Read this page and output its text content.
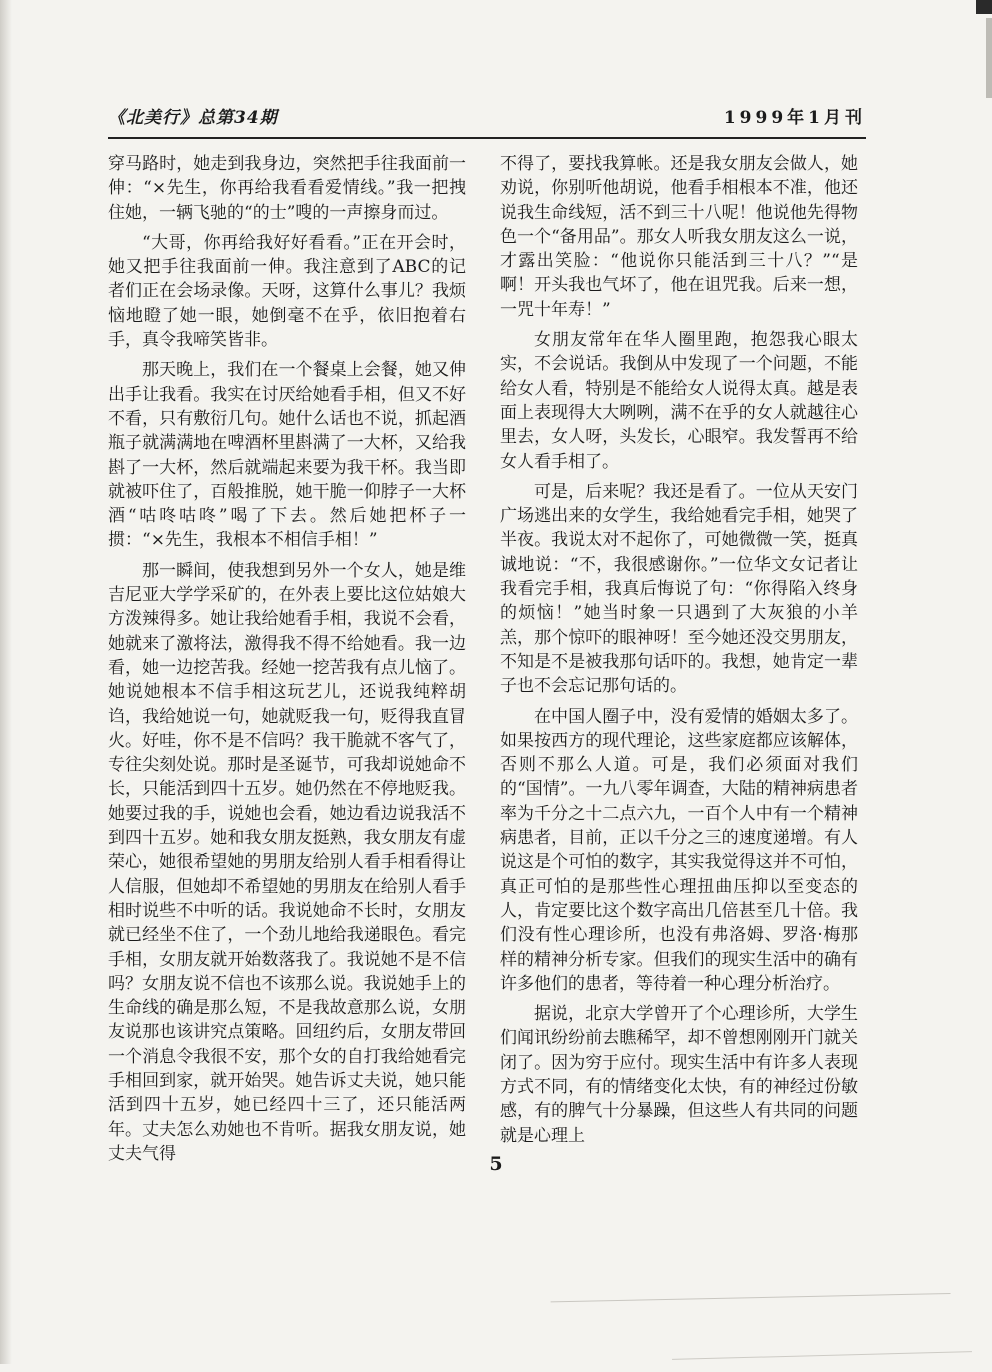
《北美行》总第34期	1999年1月刊

穿马路时，她走到我身边，突然把手往我面前一伸：“×先生，你再给我看看爱情线。”我一把拽住她，一辆飞驰的“的士”嗖的一声擦身而过。

“大哥，你再给我好好看看。”正在开会时，她又把手往我面前一伸。我注意到了ABC的记者们正在会场录像。天呀，这算什么事儿？我烦恼地瞪了她一眼，她倒毫不在乎，依旧抱着右手，真令我啼笑皆非。

那天晚上，我们在一个餐桌上会餐，她又伸出手让我看。我实在讨厌给她看手相，但又不好不看，只有敷衍几句。她什么话也不说，抓起酒瓶子就满满地在啤酒杯里斟满了一大杯，又给我斟了一大杯，然后就端起来要为我干杯。我当即就被吓住了，百般推脱，她干脆一仰脖子一大杯酒“咕咚咕咚”喝了下去。然后她把杯子一掼：“×先生，我根本不相信手相！”

那一瞬间，使我想到另外一个女人，她是维吉尼亚大学学采矿的，在外表上要比这位姑娘大方泼辣得多。她让我给她看手相，我说不会看，她就来了激将法，激得我不得不给她看。我一边看，她一边挖苦我。经她一挖苦我有点儿恼了。她说她根本不信手相这玩艺儿，还说我纯粹胡诌，我给她说一句，她就贬我一句，贬得我直冒火。好哇，你不是不信吗？我干脆就不客气了，专往尖刻处说。那时是圣诞节，可我却说她命不长，只能活到四十五岁。她仍然在不停地贬我。她要过我的手，说她也会看，她边看边说我活不到四十五岁。她和我女朋友挺熟，我女朋友有虚荣心，她很希望她的男朋友给别人看手相看得让人信服，但她却不希望她的男朋友在给别人看手相时说些不中听的话。我说她命不长时，女朋友就已经坐不住了，一个劲儿地给我递眼色。看完手相，女朋友就开始数落我了。我说她不是不信吗？女朋友说不信也不该那么说。我说她手上的生命线的确是那么短，不是我故意那么说，女朋友说那也该讲究点策略。回纽约后，女朋友带回一个消息令我很不安，那个女的自打我给她看完手相回到家，就开始哭。她告诉丈夫说，她只能活到四十五岁，她已经四十三了，还只能活两年。丈夫怎么劝她也不肯听。据我女朋友说，她丈夫气得

不得了，要找我算帐。还是我女朋友会做人，她劝说，你别听他胡说，他看手相根本不准，他还说我生命线短，活不到三十八呢！他说他先得物色一个“备用品”。那女人听我女朋友这么一说，才露出笑脸：“他说你只能活到三十八？”“是啊！开头我也气坏了，他在诅咒我。后来一想，一咒十年寿！”

女朋友常年在华人圈里跑，抱怨我心眼太实，不会说话。我倒从中发现了一个问题，不能给女人看，特别是不能给女人说得太真。越是表面上表现得大大咧咧，满不在乎的女人就越往心里去，女人呀，头发长，心眼窄。我发誓再不给女人看手相了。

可是，后来呢？我还是看了。一位从天安门广场逃出来的女学生，我给她看完手相，她哭了半夜。我说太对不起你了，可她微微一笑，挺真诚地说：“不，我很感谢你。”一位华文女记者让我看完手相，我真后悔说了句：“你得陷入终身的烦恼！”她当时象一只遇到了大灰狼的小羊羔，那个惊吓的眼神呀！至今她还没交男朋友，不知是不是被我那句话吓的。我想，她肯定一辈子也不会忘记那句话的。

在中国人圈子中，没有爱情的婚姻太多了。如果按西方的现代理论，这些家庭都应该解体，否则不那么人道。可是，我们必须面对我们的“国情”。一九八零年调查，大陆的精神病患者率为千分之十二点六九，一百个人中有一个精神病患者，目前，正以千分之三的速度递增。有人说这是个可怕的数字，其实我觉得这并不可怕，真正可怕的是那些性心理扭曲压抑以至变态的人，肯定要比这个数字高出几倍甚至几十倍。我们没有性心理诊所，也没有弗洛姆、罗洛·梅那样的精神分析专家。但我们的现实生活中的确有许多他们的患者，等待着一种心理分析治疗。

据说，北京大学曾开了个心理诊所，大学生们闻讯纷纷前去瞧稀罕，却不曾想刚刚开门就关闭了。因为穷于应付。现实生活中有许多人表现方式不同，有的情绪变化太快，有的神经过份敏感，有的脾气十分暴躁，但这些人有共同的问题就是心理上

5
